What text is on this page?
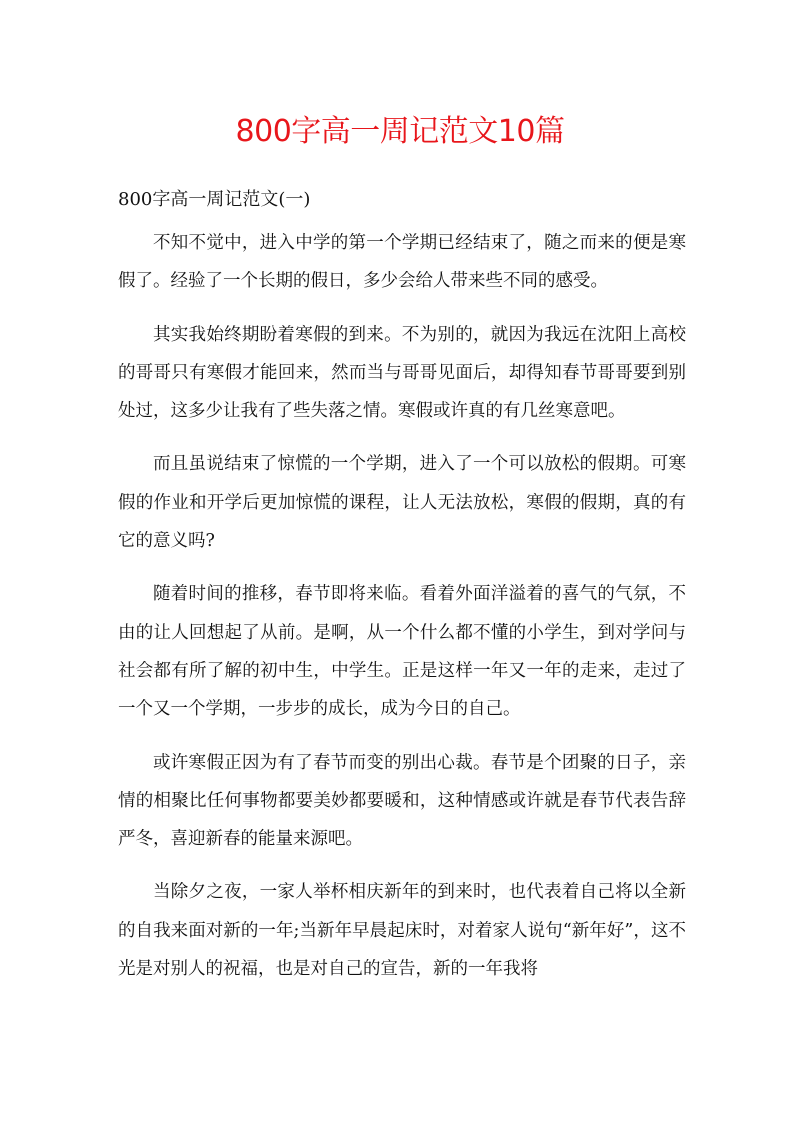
800字高一周记范文10篇
800字高一周记范文(一)

不知不觉中，进入中学的第一个学期已经结束了，随之而来的便是寒假了。经验了一个长期的假日，多少会给人带来些不同的感受。

其实我始终期盼着寒假的到来。不为别的，就因为我远在沈阳上高校的哥哥只有寒假才能回来，然而当与哥哥见面后，却得知春节哥哥要到别处过，这多少让我有了些失落之情。寒假或许真的有几丝寒意吧。

而且虽说结束了惊慌的一个学期，进入了一个可以放松的假期。可寒假的作业和开学后更加惊慌的课程，让人无法放松，寒假的假期，真的有它的意义吗?

随着时间的推移，春节即将来临。看着外面洋溢着的喜气的气氛，不由的让人回想起了从前。是啊，从一个什么都不懂的小学生，到对学问与社会都有所了解的初中生，中学生。正是这样一年又一年的走来，走过了一个又一个学期，一步步的成长，成为今日的自己。

或许寒假正因为有了春节而变的别出心裁。春节是个团聚的日子，亲情的相聚比任何事物都要美妙都要暖和，这种情感或许就是春节代表告辞严冬，喜迎新春的能量来源吧。

当除夕之夜，一家人举杯相庆新年的到来时，也代表着自己将以全新的自我来面对新的一年;当新年早晨起床时，对着家人说句“新年好”，这不光是对别人的祝福，也是对自己的宣告，新的一年我将
